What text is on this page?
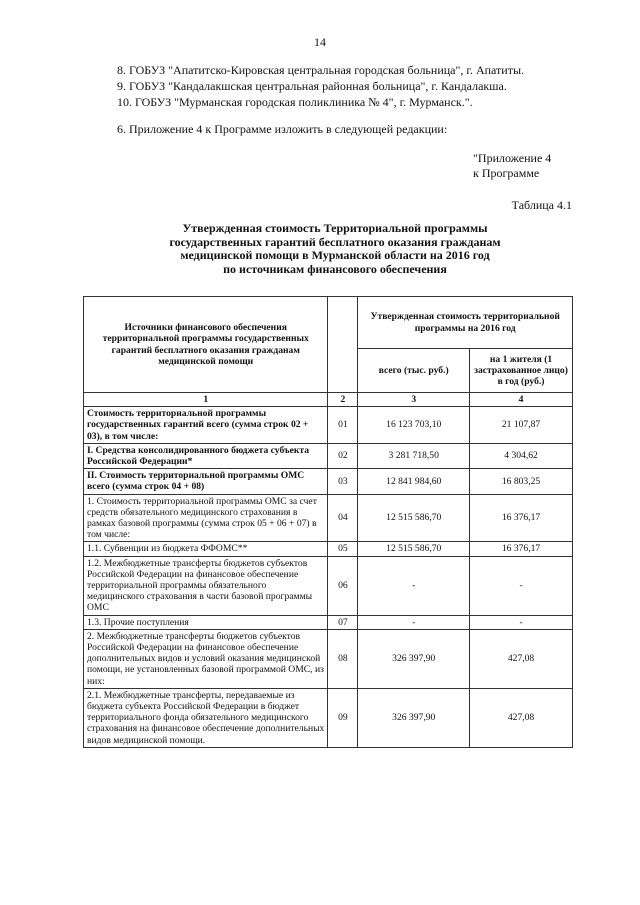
14
8. ГОБУЗ "Апатитско-Кировская центральная городская больница", г. Апатиты.
9. ГОБУЗ "Кандалакшская центральная районная больница", г. Кандалакша.
10. ГОБУЗ "Мурманская городская поликлиника № 4", г. Мурманск.".
6. Приложение 4 к Программе изложить в следующей редакции:
"Приложение 4
к Программе
Таблица 4.1
Утвержденная стоимость Территориальной программы
государственных гарантий бесплатного оказания гражданам
медицинской помощи в Мурманской области на 2016 год
по источникам финансового обеспечения
Источники финансового обеспечения территориальной программы государственных гарантий бесплатного оказания гражданам медицинской помощи		Утвержденная стоимость территориальной программы на 2016 год	
		всего (тыс. руб.)	на 1 жителя (1 застрахованное лицо) в год (руб.)
1	2	3	4
Стоимость территориальной программы государственных гарантий всего (сумма строк 02 + 03), в том числе:	01	16 123 703,10	21 107,87
I. Средства консолидированного бюджета субъекта Российской Федерации*	02	3 281 718,50	4 304,62
II. Стоимость территориальной программы ОМС всего (сумма строк 04 + 08)	03	12 841 984,60	16 803,25
1. Стоимость территориальной программы ОМС за счет средств обязательного медицинского страхования в рамках базовой программы (сумма строк 05 + 06 + 07) в том числе:	04	12 515 586,70	16 376,17
1.1. Субвенции из бюджета ФФОМС**	05	12 515 586,70	16 376,17
1.2. Межбюджетные трансферты бюджетов субъектов Российской Федерации на финансовое обеспечение территориальной программы обязательного медицинского страхования в части базовой программы ОМС	06	-	-
1.3. Прочие поступления	07	-	-
2. Межбюджетные трансферты бюджетов субъектов Российской Федерации на финансовое обеспечение дополнительных видов и условий оказания медицинской помощи, не установленных базовой программой ОМС, из них:	08	326 397,90	427,08
2.1. Межбюджетные трансферты, передаваемые из бюджета субъекта Российской Федерации в бюджет территориального фонда обязательного медицинского страхования на финансовое обеспечение дополнительных видов медицинской помощи.	09	326 397,90	427,08
